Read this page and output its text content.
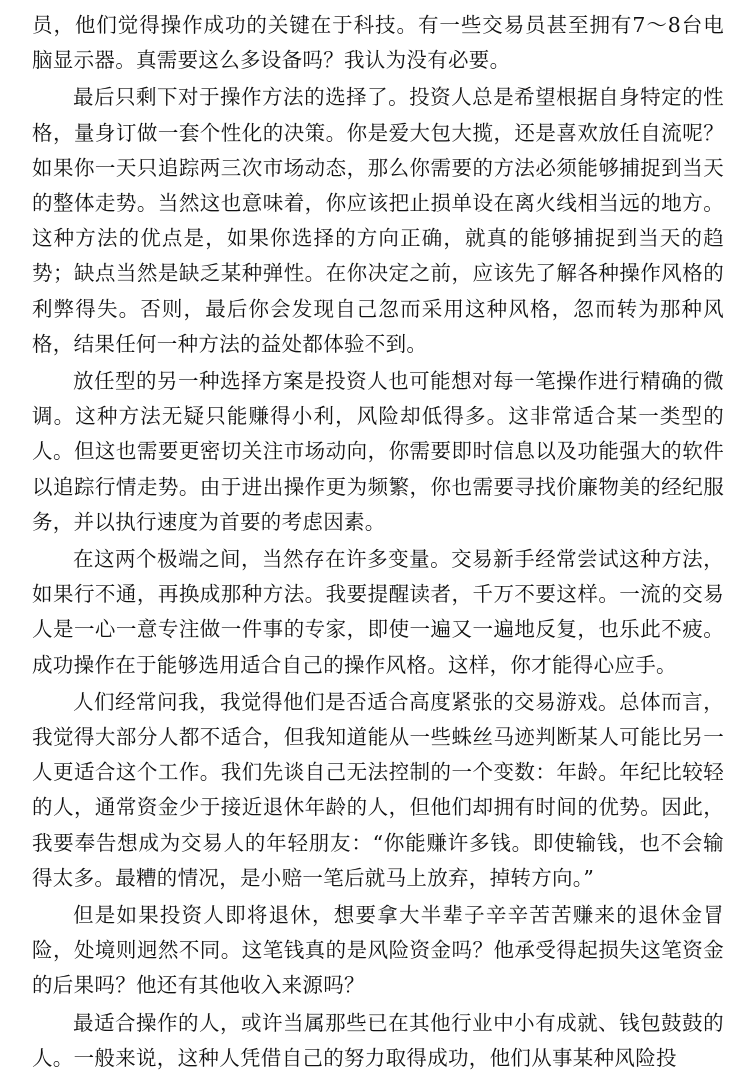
员，他们觉得操作成功的关键在于科技。有一些交易员甚至拥有7～8台电脑显示器。真需要这么多设备吗？我认为没有必要。

最后只剩下对于操作方法的选择了。投资人总是希望根据自身特定的性格，量身订做一套个性化的决策。你是爱大包大揽，还是喜欢放任自流呢？如果你一天只追踪两三次市场动态，那么你需要的方法必须能够捕捉到当天的整体走势。当然这也意味着，你应该把止损单设在离火线相当远的地方。这种方法的优点是，如果你选择的方向正确，就真的能够捕捉到当天的趋势；缺点当然是缺乏某种弹性。在你决定之前，应该先了解各种操作风格的利弊得失。否则，最后你会发现自己忽而采用这种风格，忽而转为那种风格，结果任何一种方法的益处都体验不到。

放任型的另一种选择方案是投资人也可能想对每一笔操作进行精确的微调。这种方法无疑只能赚得小利，风险却低得多。这非常适合某一类型的人。但这也需要更密切关注市场动向，你需要即时信息以及功能强大的软件以追踪行情走势。由于进出操作更为频繁，你也需要寻找价廉物美的经纪服务，并以执行速度为首要的考虑因素。

在这两个极端之间，当然存在许多变量。交易新手经常尝试这种方法，如果行不通，再换成那种方法。我要提醒读者，千万不要这样。一流的交易人是一心一意专注做一件事的专家，即使一遍又一遍地反复，也乐此不疲。成功操作在于能够选用适合自己的操作风格。这样，你才能得心应手。

人们经常问我，我觉得他们是否适合高度紧张的交易游戏。总体而言，我觉得大部分人都不适合，但我知道能从一些蛛丝马迹判断某人可能比另一人更适合这个工作。我们先谈自己无法控制的一个变数：年龄。年纪比较轻的人，通常资金少于接近退休年龄的人，但他们却拥有时间的优势。因此，我要奉告想成为交易人的年轻朋友：“你能赚许多钱。即使输钱，也不会输得太多。最糟的情况，是小赔一笔后就马上放弃，掉转方向。”

但是如果投资人即将退休，想要拿大半辈子辛辛苦苦赚来的退休金冒险，处境则迥然不同。这笔钱真的是风险资金吗？他承受得起损失这笔资金的后果吗？他还有其他收入来源吗？

最适合操作的人，或许当属那些已在其他行业中小有成就、钱包鼓鼓的人。一般来说，这种人凭借自己的努力取得成功，他们从事某种风险投
